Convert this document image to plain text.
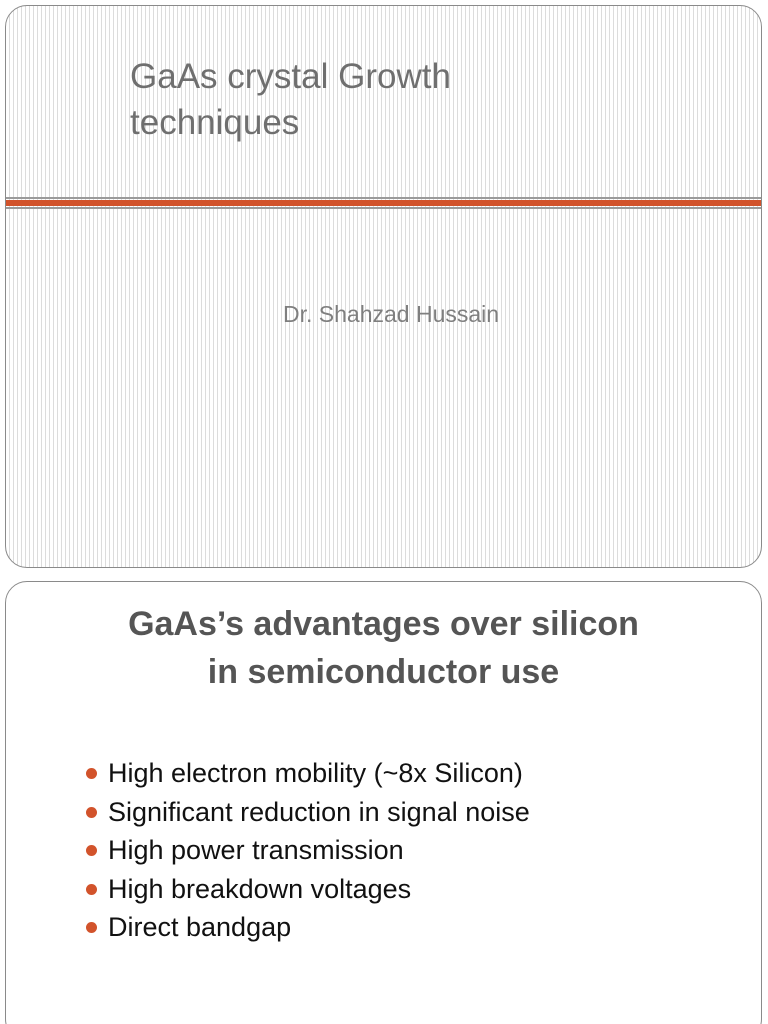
GaAs crystal Growth
techniques

Dr. Shahzad Hussain

GaAs’s advantages over silicon
in semiconductor use
High electron mobility (~8x Silicon)
Significant reduction in signal noise
High power transmission
High breakdown voltages
Direct bandgap
